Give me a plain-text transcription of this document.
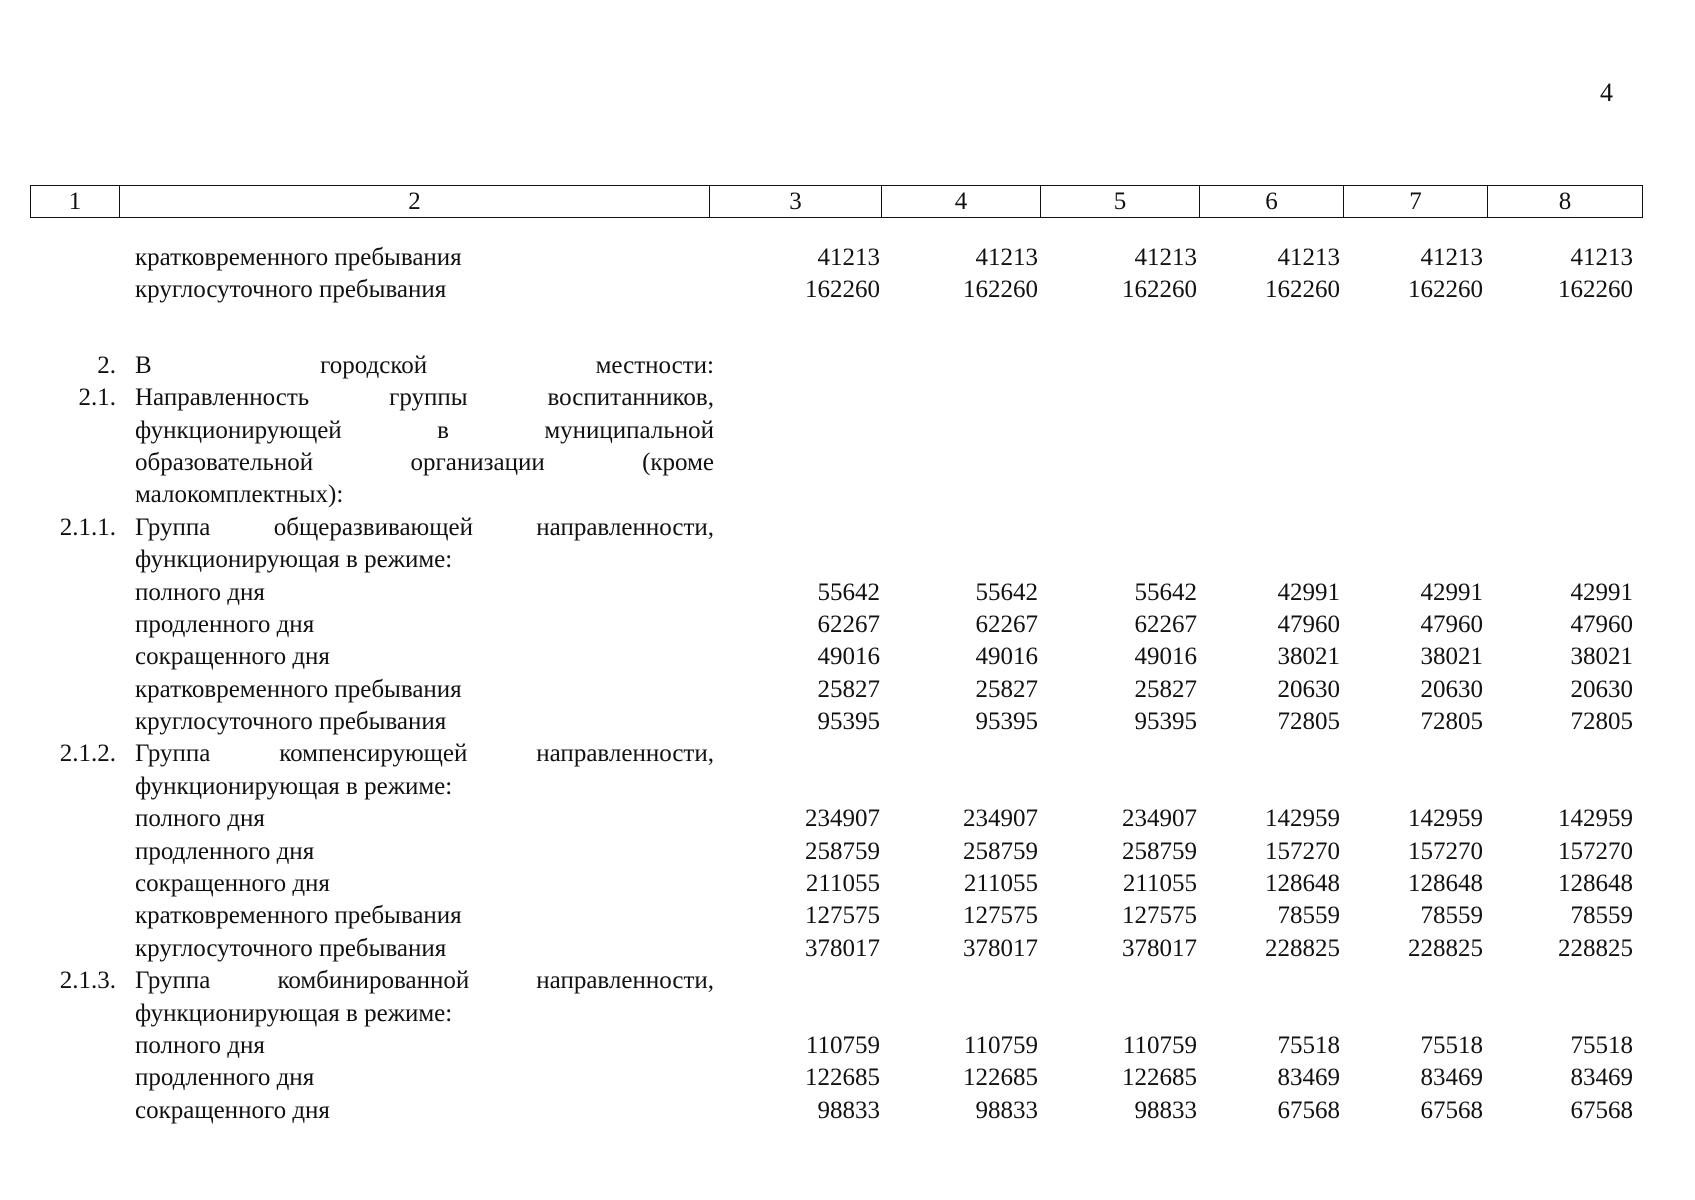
4
1	2	3	4	5	6	7	8
кратковременного пребывания	41213	41213	41213	41213	41213	41213
круглосуточного пребывания	162260	162260	162260	162260	162260	162260
2. В городской местности:
2.1. Направленность группы воспитанников,
функционирующей в муниципальной
образовательной организации (кроме
малокомплектных):
2.1.1. Группа общеразвивающей направленности,
функционирующая в режиме:
полного дня	55642	55642	55642	42991	42991	42991
продленного дня	62267	62267	62267	47960	47960	47960
сокращенного дня	49016	49016	49016	38021	38021	38021
кратковременного пребывания	25827	25827	25827	20630	20630	20630
круглосуточного пребывания	95395	95395	95395	72805	72805	72805
2.1.2. Группа компенсирующей направленности,
функционирующая в режиме:
полного дня	234907	234907	234907	142959	142959	142959
продленного дня	258759	258759	258759	157270	157270	157270
сокращенного дня	211055	211055	211055	128648	128648	128648
кратковременного пребывания	127575	127575	127575	78559	78559	78559
круглосуточного пребывания	378017	378017	378017	228825	228825	228825
2.1.3. Группа комбинированной направленности,
функционирующая в режиме:
полного дня	110759	110759	110759	75518	75518	75518
продленного дня	122685	122685	122685	83469	83469	83469
сокращенного дня	98833	98833	98833	67568	67568	67568
